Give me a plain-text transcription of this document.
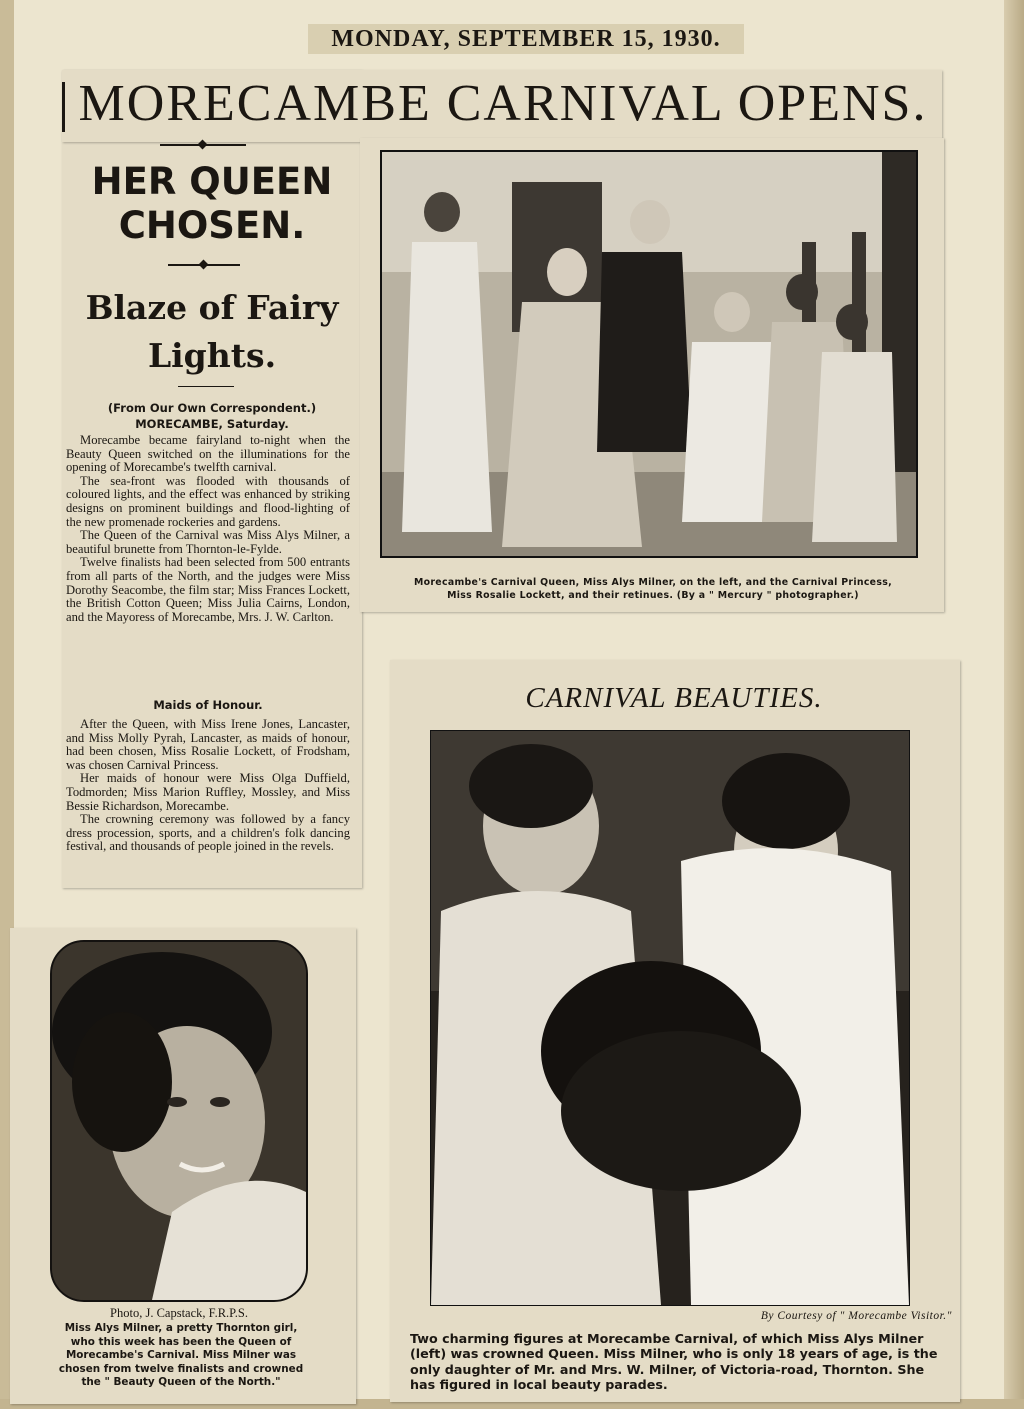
MONDAY, SEPTEMBER 15, 1930.
MORECAMBE CARNIVAL OPENS.
HER QUEEN
CHOSEN.
Blaze of Fairy
Lights.
(From Our Own Correspondent.)
MORECAMBE, Saturday.

Morecambe became fairyland to-night when the Beauty Queen switched on the illuminations for the opening of Morecambe's twelfth carnival.

The sea-front was flooded with thousands of coloured lights, and the effect was enhanced by striking designs on prominent buildings and flood-lighting of the new promenade rockeries and gardens.

The Queen of the Carnival was Miss Alys Milner, a beautiful brunette from Thornton-le-Fylde.

Twelve finalists had been selected from 500 entrants from all parts of the North, and the judges were Miss Dorothy Seacombe, the film star; Miss Frances Lockett, the British Cotton Queen; Miss Julia Cairns, London, and the Mayoress of Morecambe, Mrs. J. W. Carlton.

Maids of Honour.

After the Queen, with Miss Irene Jones, Lancaster, and Miss Molly Pyrah, Lancaster, as maids of honour, had been chosen, Miss Rosalie Lockett, of Frodsham, was chosen Carnival Princess.

Her maids of honour were Miss Olga Duffield, Todmorden; Miss Marion Ruffley, Mossley, and Miss Bessie Richardson, Morecambe.

The crowning ceremony was followed by a fancy dress procession, sports, and a children's folk dancing festival, and thousands of people joined in the revels.

Morecambe's Carnival Queen, Miss Alys Milner, on the left, and the Carnival Princess,
Miss Rosalie Lockett, and their retinues. (By a " Mercury " photographer.)
CARNIVAL BEAUTIES.
By Courtesy of " Morecambe Visitor."
Two charming figures at Morecambe Carnival, of which Miss Alys Milner (left) was crowned Queen. Miss Milner, who is only 18 years of age, is the only daughter of Mr. and Mrs. W. Milner, of Victoria-road, Thornton. She has figured in local beauty parades.
Photo, J. Capstack, F.R.P.S.
Miss Alys Milner, a pretty Thornton girl, who this week has been the Queen of Morecambe's Carnival. Miss Milner was chosen from twelve finalists and crowned the " Beauty Queen of the North."
